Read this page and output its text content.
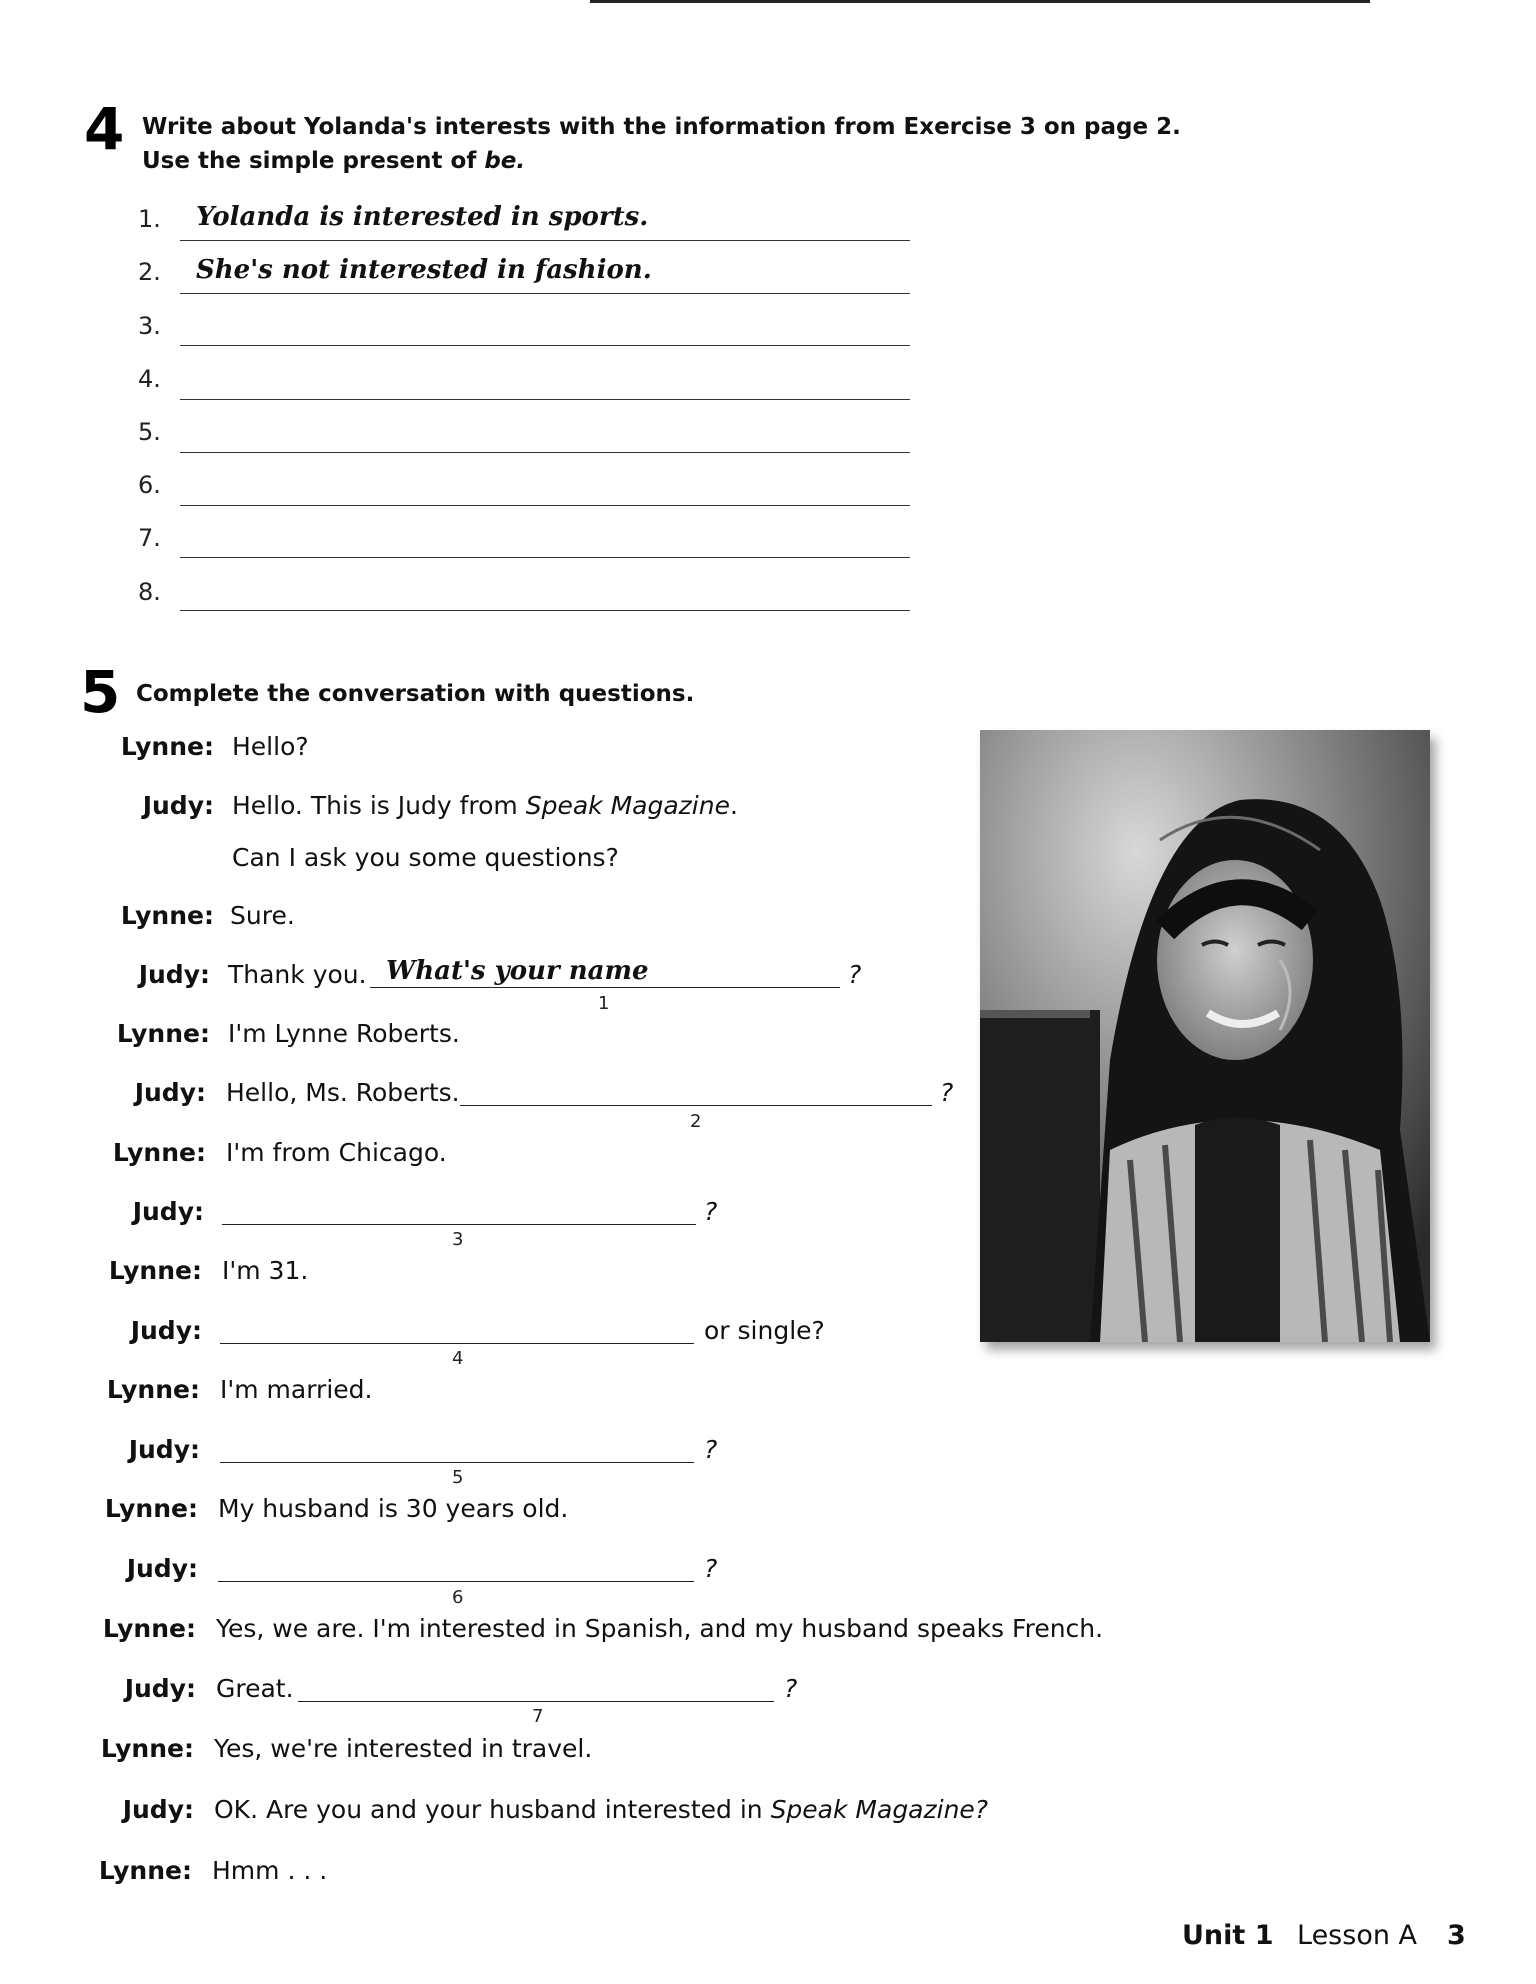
4 Write about Yolanda's interests with the information from Exercise 3 on page 2.
Use the simple present of be.
1. Yolanda is interested in sports.
2. She's not interested in fashion.
3.
4.
5.
6.
7.
8.
5 Complete the conversation with questions.
Lynne: Hello?
Judy: Hello. This is Judy from Speak Magazine.
Can I ask you some questions?
Lynne: Sure.
Judy: Thank you. What's your name
1
?
Lynne: I'm Lynne Roberts.
Judy: Hello, Ms. Roberts.
2
?
Lynne: I'm from Chicago.
Judy:
3
?
Lynne: I'm 31.
Judy:
4
or single?
Lynne: I'm married.
Judy:
5
?
Lynne: My husband is 30 years old.
Judy:
6
?
Lynne: Yes, we are. I'm interested in Spanish, and my husband speaks French.
Judy: Great.
7
?
Lynne: Yes, we're interested in travel.
Judy: OK. Are you and your husband interested in Speak Magazine?
Lynne: Hmm . . .
Unit 1 Lesson A 3
